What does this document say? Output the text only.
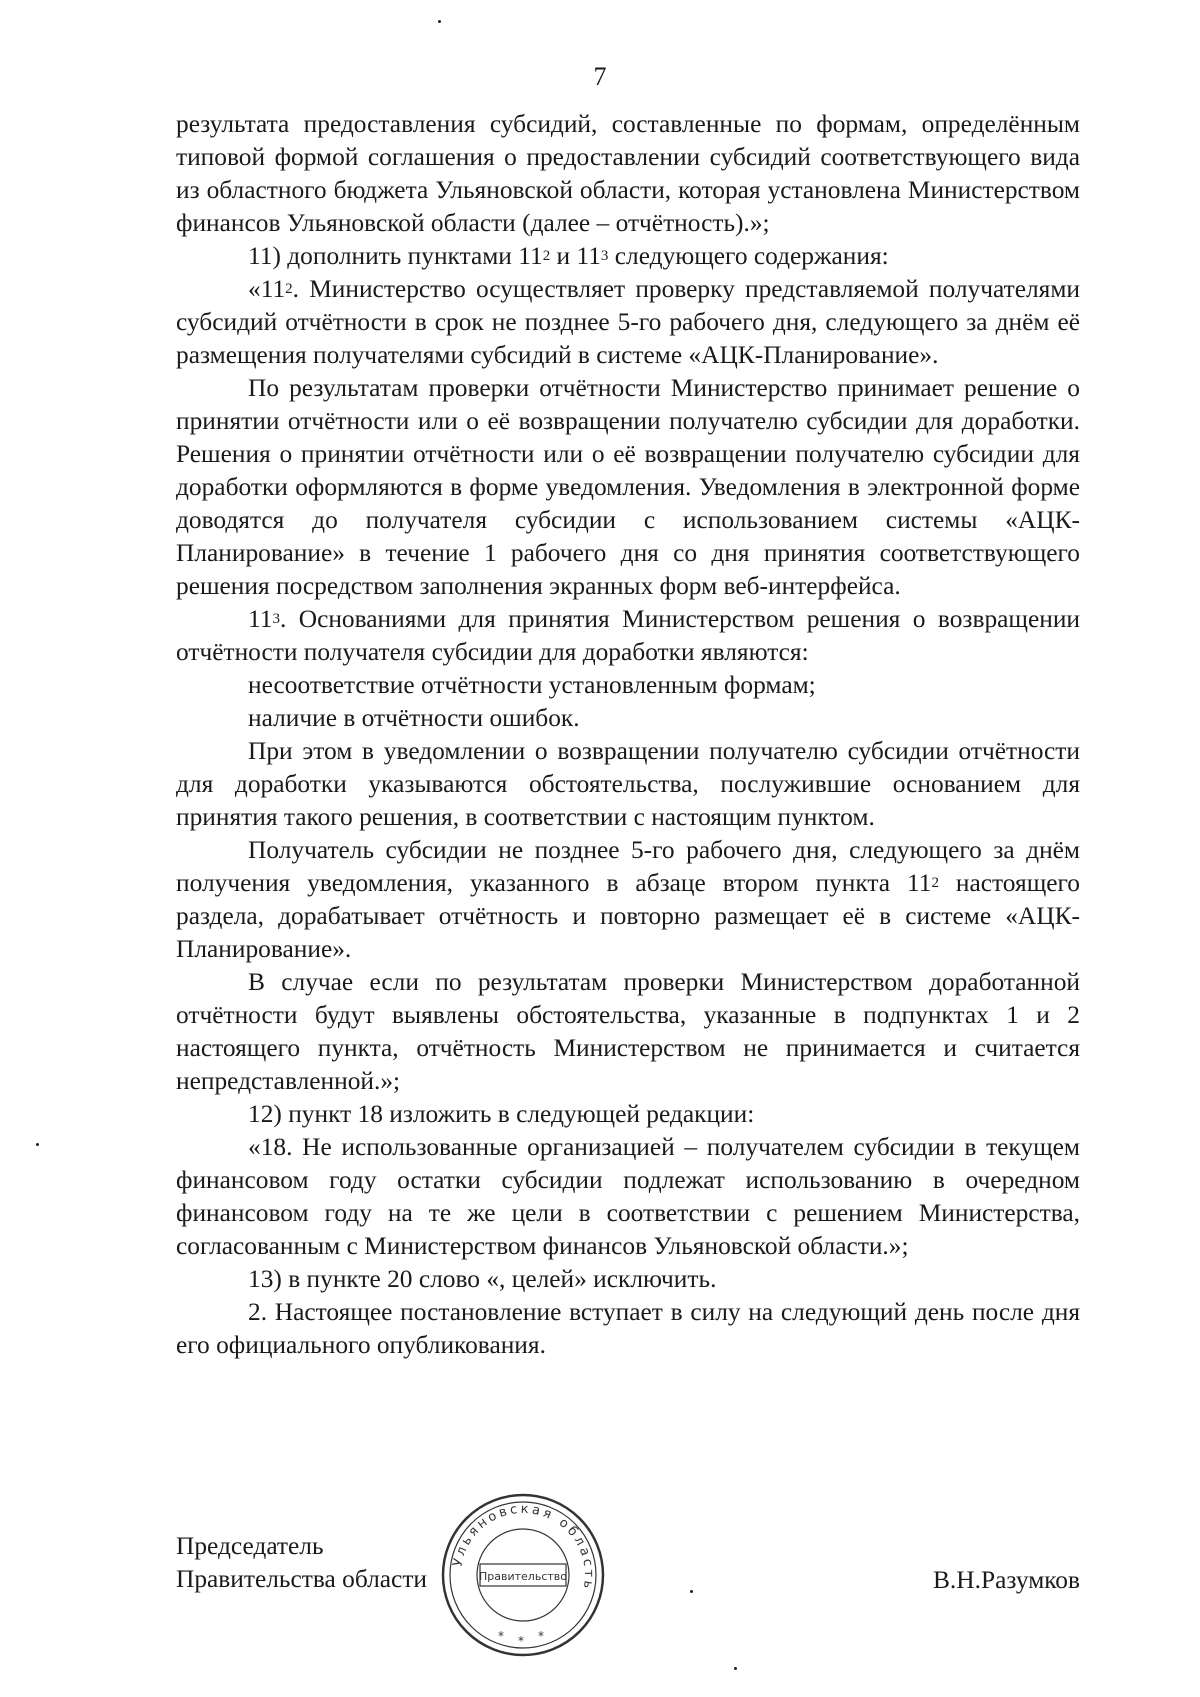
7

результата предоставления субсидий, составленные по формам, определённым типовой формой соглашения о предоставлении субсидий соответствующего вида из областного бюджета Ульяновской области, которая установлена Министерством финансов Ульяновской области (далее – отчётность).»;

11) дополнить пунктами $11^2$ и $11^3$ следующего содержания:

«$11^2$. Министерство осуществляет проверку представляемой получателями субсидий отчётности в срок не позднее 5-го рабочего дня, следующего за днём её размещения получателями субсидий в системе «АЦК-Планирование».

По результатам проверки отчётности Министерство принимает решение о принятии отчётности или о её возвращении получателю субсидии для доработки. Решения о принятии отчётности или о её возвращении получателю субсидии для доработки оформляются в форме уведомления. Уведомления в электронной форме доводятся до получателя субсидии с использованием системы «АЦК-Планирование» в течение 1 рабочего дня со дня принятия соответствующего решения посредством заполнения экранных форм веб-интерфейса.

$11^3$. Основаниями для принятия Министерством решения о возвращении отчётности получателя субсидии для доработки являются:

несоответствие отчётности установленным формам;

наличие в отчётности ошибок.

При этом в уведомлении о возвращении получателю субсидии отчётности для доработки указываются обстоятельства, послужившие основанием для принятия такого решения, в соответствии с настоящим пунктом.

Получатель субсидии не позднее 5-го рабочего дня, следующего за днём получения уведомления, указанного в абзаце втором пункта $11^2$ настоящего раздела, дорабатывает отчётность и повторно размещает её в системе «АЦК-Планирование».

В случае если по результатам проверки Министерством доработанной отчётности будут выявлены обстоятельства, указанные в подпунктах 1 и 2 настоящего пункта, отчётность Министерством не принимается и считается непредставленной.»;

12) пункт 18 изложить в следующей редакции:

«18. Не использованные организацией – получателем субсидии в текущем финансовом году остатки субсидии подлежат использованию в очередном финансовом году на те же цели в соответствии с решением Министерства, согласованным с Министерством финансов Ульяновской области.»;

13) в пункте 20 слово «, целей» исключить.

2. Настоящее постановление вступает в силу на следующий день после дня его официального опубликования.

Председатель
Правительства области	В.Н.Разумков
Ульяновская область
Правительство
* * *
